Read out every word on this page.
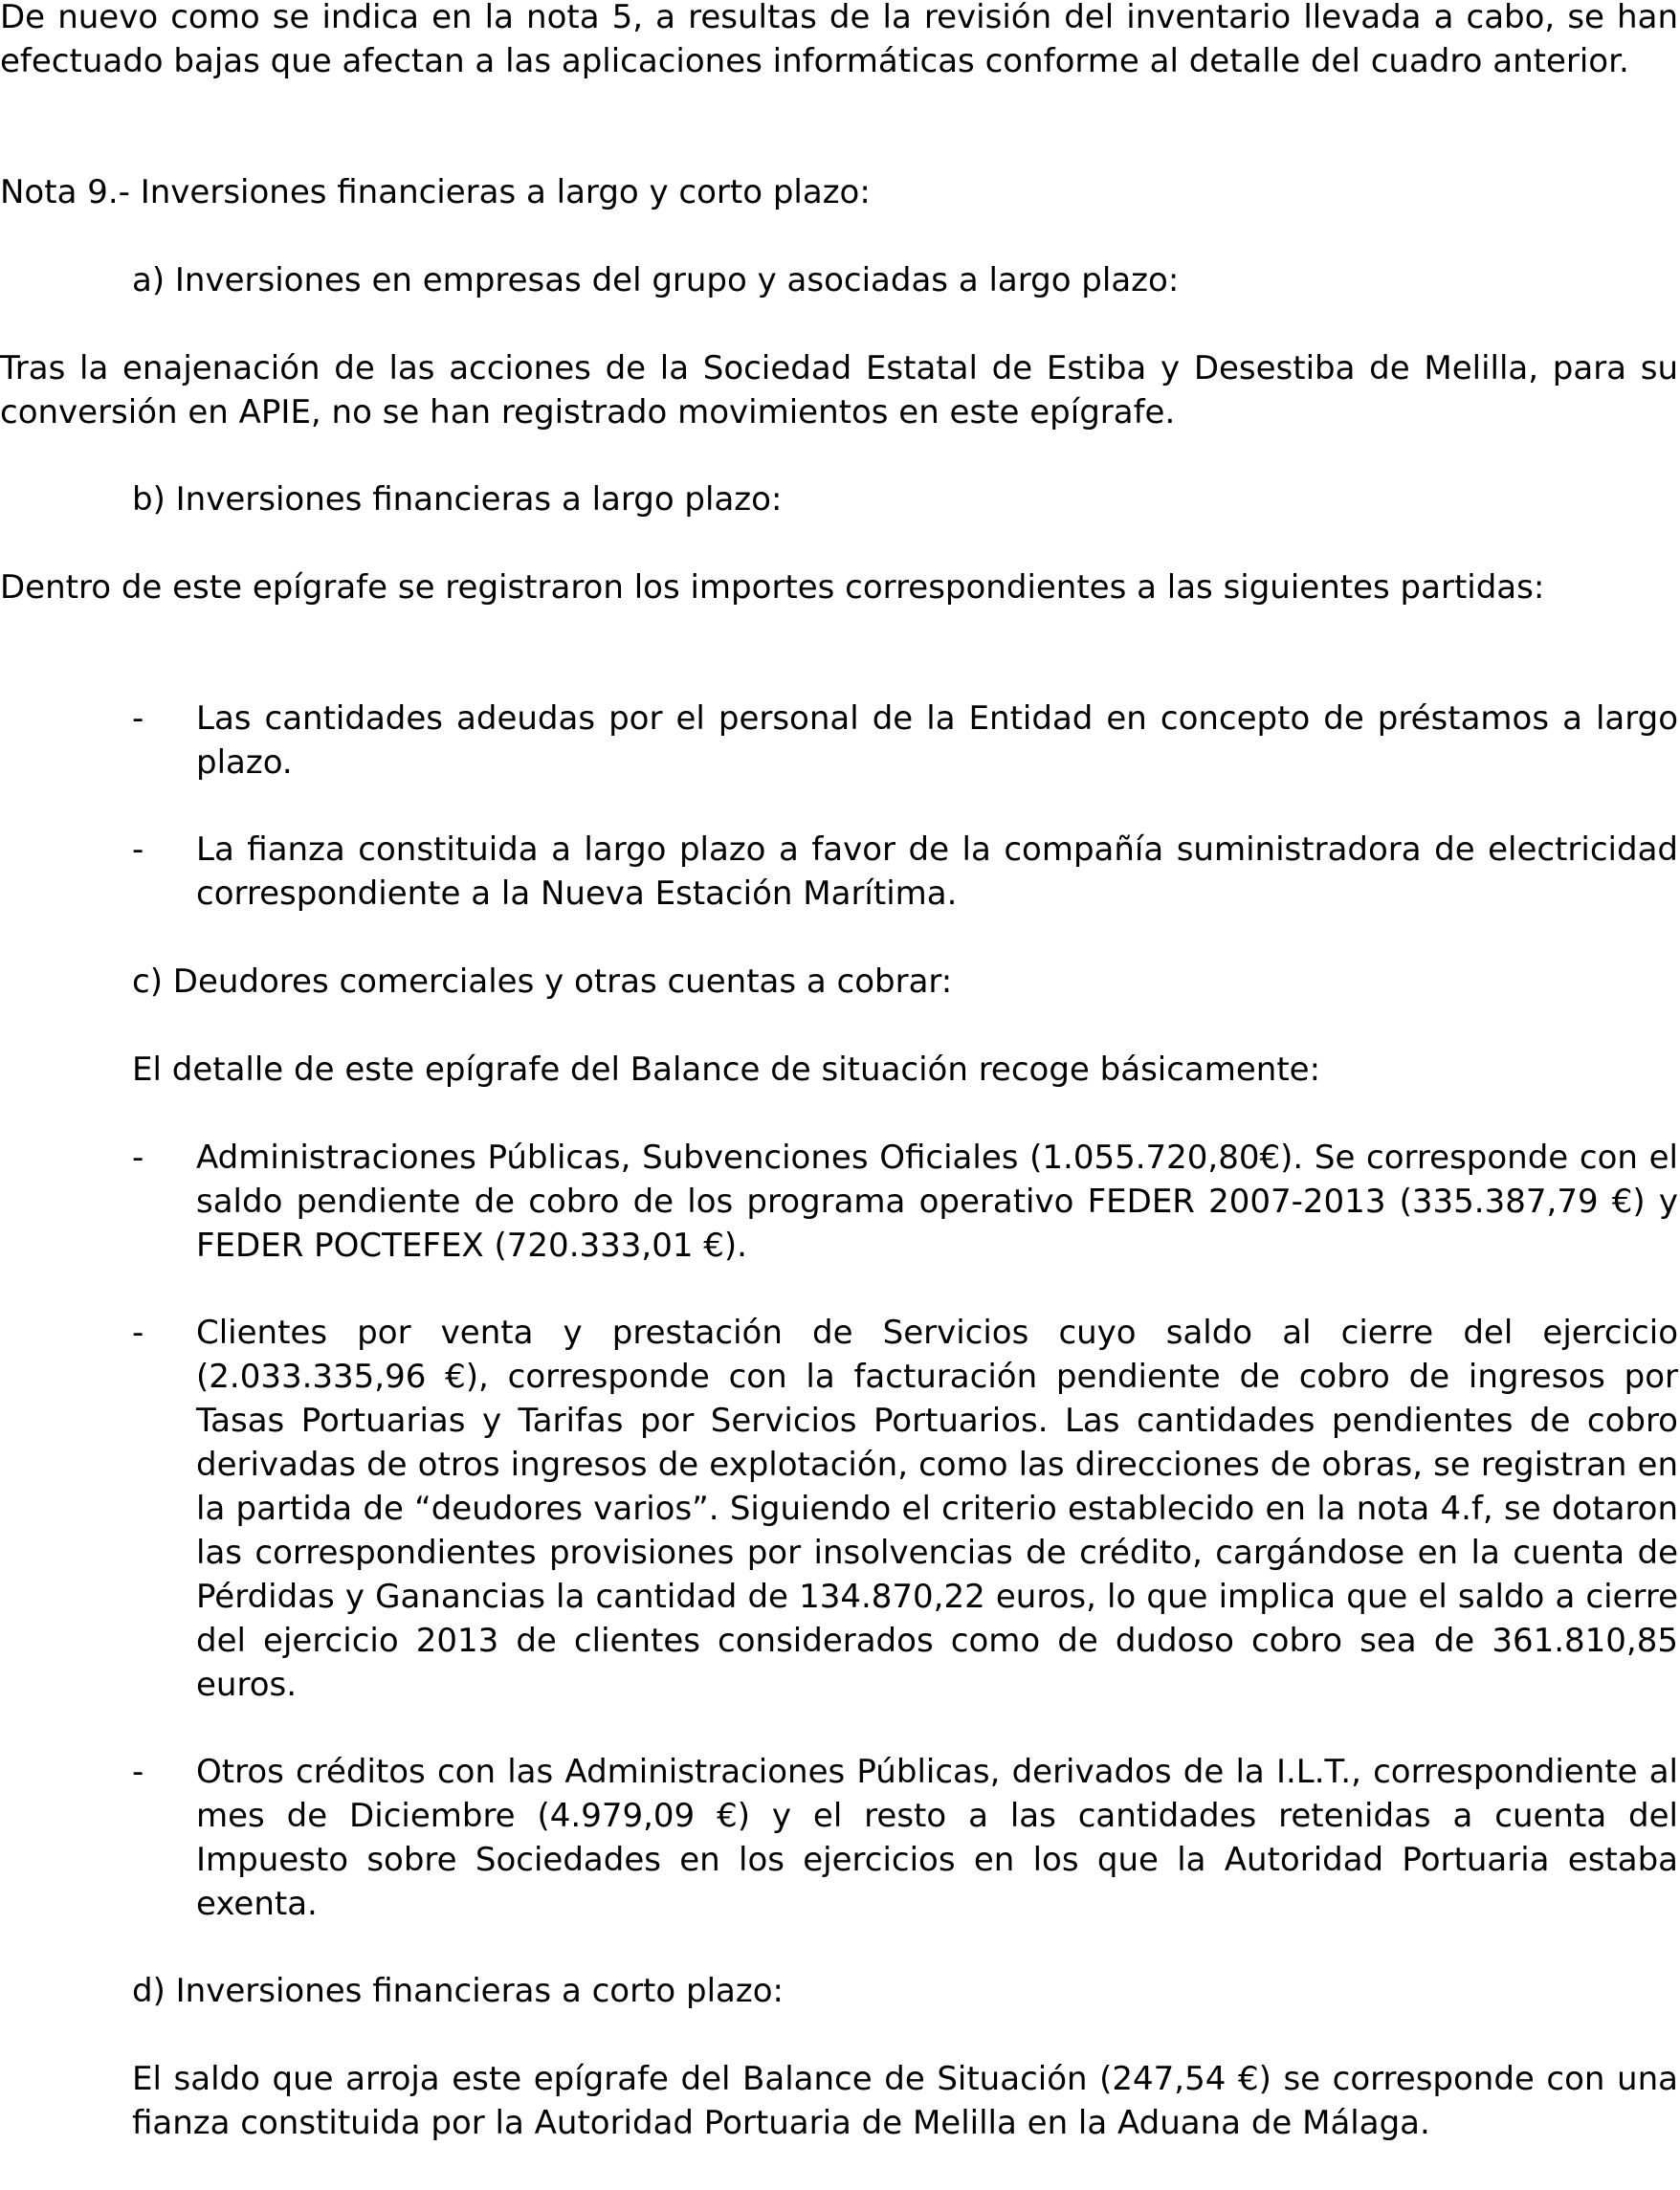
De nuevo como se indica en la nota 5, a resultas de la revisión del inventario llevada a cabo, se han efectuado bajas que afectan a las aplicaciones informáticas conforme al detalle del cuadro anterior.

Nota 9.- Inversiones financieras a largo y corto plazo:

a) Inversiones en empresas del grupo y asociadas a largo plazo:

Tras la enajenación de las acciones de la Sociedad Estatal de Estiba y Desestiba de Melilla, para su conversión en APIE, no se han registrado movimientos en este epígrafe.

b) Inversiones financieras a largo plazo:

Dentro de este epígrafe se registraron los importes correspondientes a las siguientes partidas:

- Las cantidades adeudas por el personal de la Entidad en concepto de préstamos a largo plazo.

- La fianza constituida a largo plazo a favor de la compañía suministradora de electricidad correspondiente a la Nueva Estación Marítima.

c) Deudores comerciales y otras cuentas a cobrar:

El detalle de este epígrafe del Balance de situación recoge básicamente:

- Administraciones Públicas, Subvenciones Oficiales (1.055.720,80€). Se corresponde con el saldo pendiente de cobro de los programa operativo FEDER 2007-2013 (335.387,79 €) y FEDER POCTEFEX (720.333,01 €).

- Clientes por venta y prestación de Servicios cuyo saldo al cierre del ejercicio (2.033.335,96 €), corresponde con la facturación pendiente de cobro de ingresos por Tasas Portuarias y Tarifas por Servicios Portuarios. Las cantidades pendientes de cobro derivadas de otros ingresos de explotación, como las direcciones de obras, se registran en la partida de “deudores varios”. Siguiendo el criterio establecido en la nota 4.f, se dotaron las correspondientes provisiones por insolvencias de crédito, cargándose en la cuenta de Pérdidas y Ganancias la cantidad de 134.870,22 euros, lo que implica que el saldo a cierre del ejercicio 2013 de clientes considerados como de dudoso cobro sea de 361.810,85 euros.

- Otros créditos con las Administraciones Públicas, derivados de la I.L.T., correspondiente al mes de Diciembre (4.979,09 €) y el resto a las cantidades retenidas a cuenta del Impuesto sobre Sociedades en los ejercicios en los que la Autoridad Portuaria estaba exenta.

d) Inversiones financieras a corto plazo:

El saldo que arroja este epígrafe del Balance de Situación (247,54 €) se corresponde con una fianza constituida por la Autoridad Portuaria de Melilla en la Aduana de Málaga.
